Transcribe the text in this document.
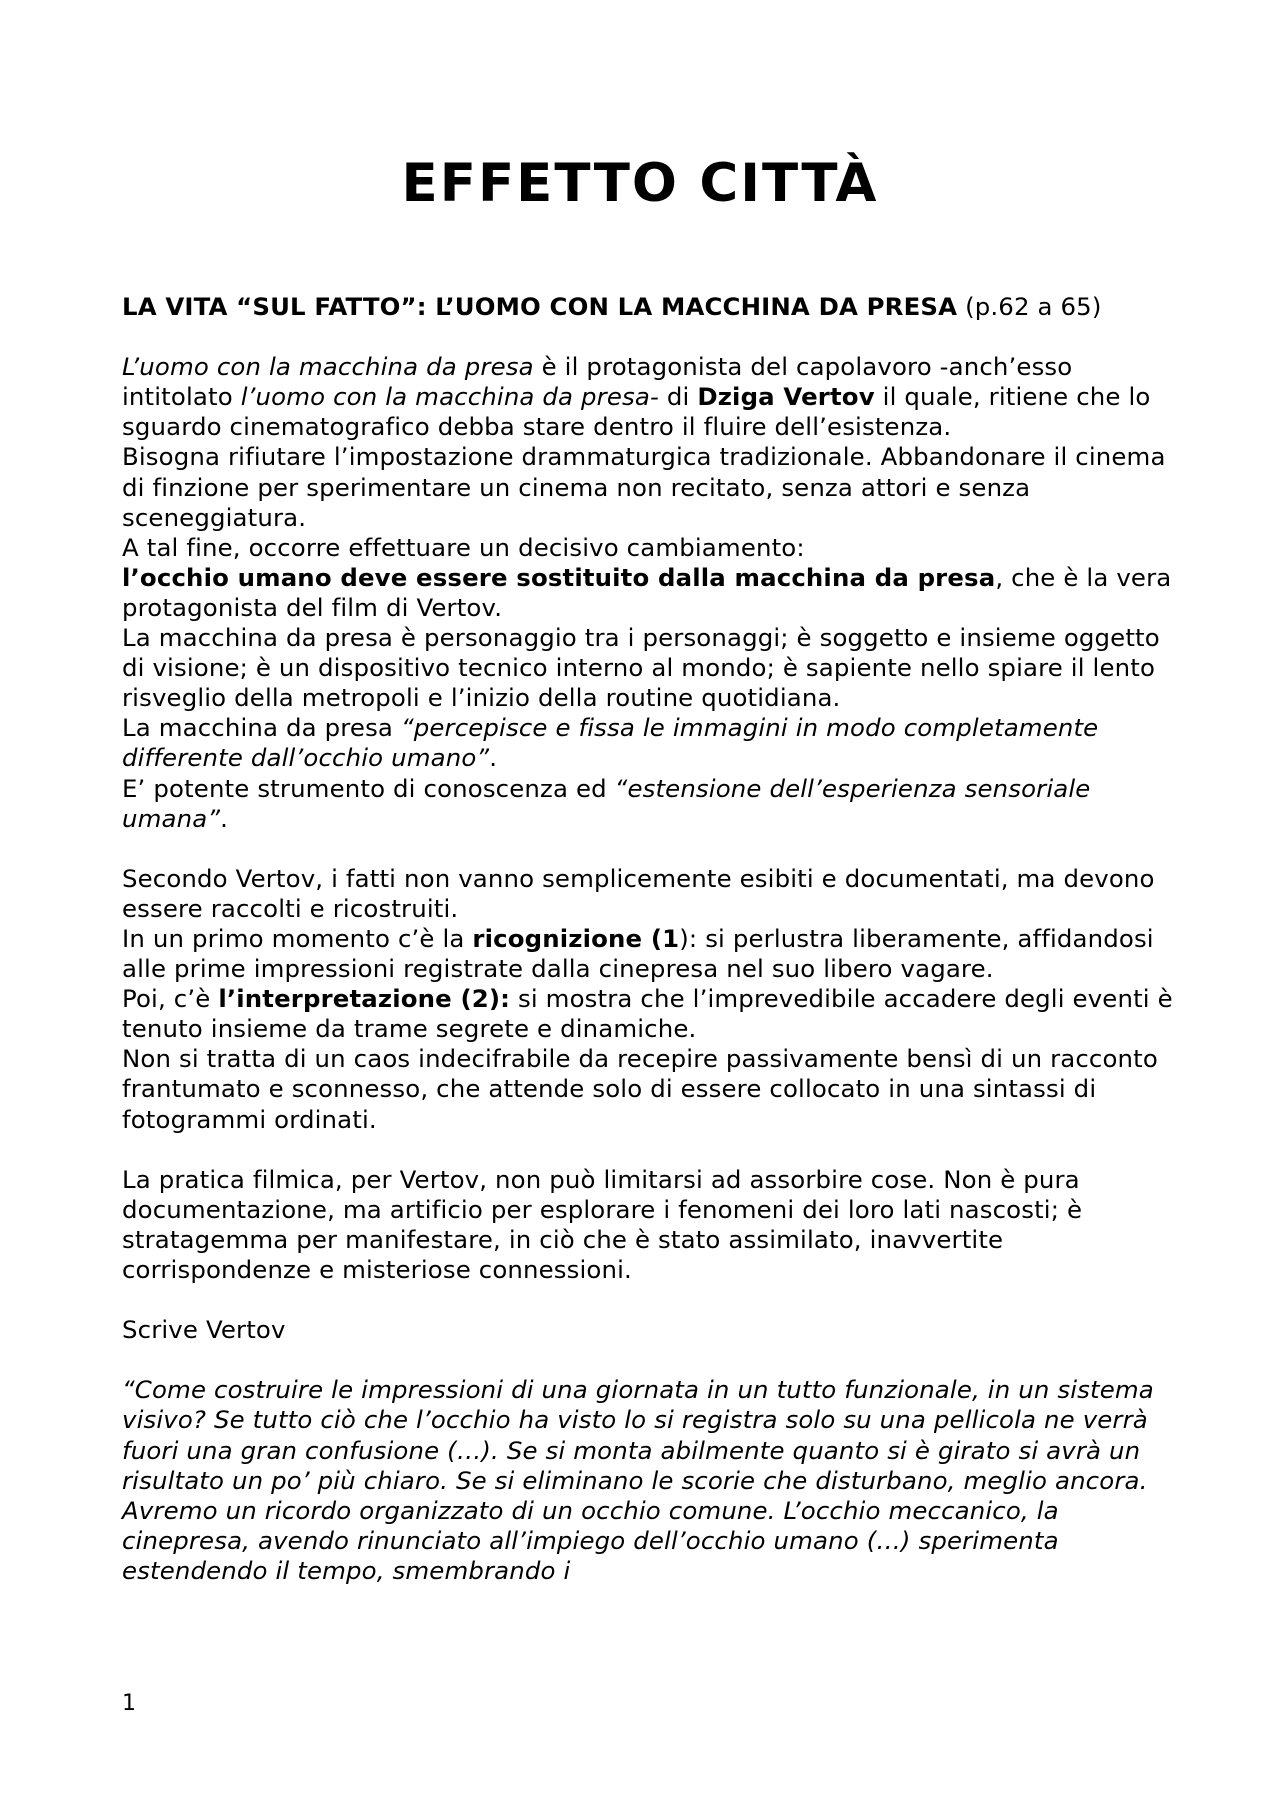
EFFETTO CITTÀ

LA VITA “SUL FATTO”: L’UOMO CON LA MACCHINA DA PRESA (p.62 a 65)

L’uomo con la macchina da presa è il protagonista del capolavoro -anch’esso intitolato l’uomo con la macchina da presa- di Dziga Vertov il quale, ritiene che lo sguardo cinematografico debba stare dentro il fluire dell’esistenza.

Bisogna rifiutare l’impostazione drammaturgica tradizionale. Abbandonare il cinema di finzione per sperimentare un cinema non recitato, senza attori e senza sceneggiatura.

A tal fine, occorre effettuare un decisivo cambiamento:

l’occhio umano deve essere sostituito dalla macchina da presa, che è la vera protagonista del film di Vertov.

La macchina da presa è personaggio tra i personaggi; è soggetto e insieme oggetto di visione; è un dispositivo tecnico interno al mondo; è sapiente nello spiare il lento risveglio della metropoli e l’inizio della routine quotidiana.

La macchina da presa “percepisce e fissa le immagini in modo completamente differente dall’occhio umano”.

E’ potente strumento di conoscenza ed “estensione dell’esperienza sensoriale umana”.

Secondo Vertov, i fatti non vanno semplicemente esibiti e documentati, ma devono essere raccolti e ricostruiti.

In un primo momento c’è la ricognizione (1): si perlustra liberamente, affidandosi alle prime impressioni registrate dalla cinepresa nel suo libero vagare.

Poi, c’è l’interpretazione (2): si mostra che l’imprevedibile accadere degli eventi è tenuto insieme da trame segrete e dinamiche.

Non si tratta di un caos indecifrabile da recepire passivamente bensì di un racconto frantumato e sconnesso, che attende solo di essere collocato in una sintassi di fotogrammi ordinati.

La pratica filmica, per Vertov, non può limitarsi ad assorbire cose. Non è pura documentazione, ma artificio per esplorare i fenomeni dei loro lati nascosti; è stratagemma per manifestare, in ciò che è stato assimilato, inavvertite corrispondenze e misteriose connessioni.

Scrive Vertov

“Come costruire le impressioni di una giornata in un tutto funzionale, in un sistema visivo? Se tutto ciò che l’occhio ha visto lo si registra solo su una pellicola ne verrà fuori una gran confusione (…). Se si monta abilmente quanto si è girato si avrà un risultato un po’ più chiaro. Se si eliminano le scorie che disturbano, meglio ancora. Avremo un ricordo organizzato di un occhio comune. L’occhio meccanico, la cinepresa, avendo rinunciato all’impiego dell’occhio umano (…) sperimenta estendendo il tempo, smembrando i

1
